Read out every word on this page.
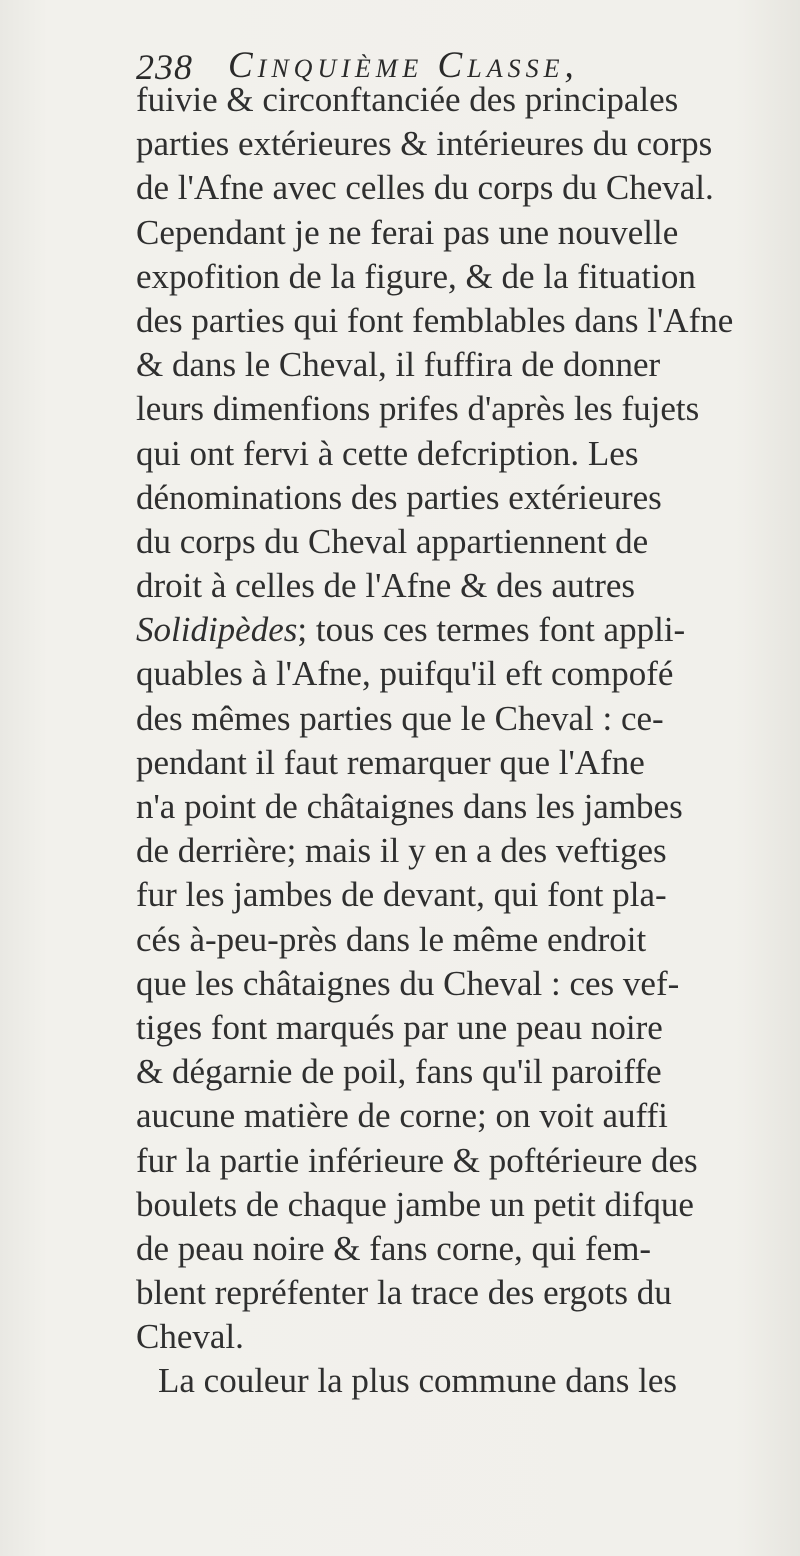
238 Cinquième Classe,
fuivie & circonftanciée des principales
parties extérieures & intérieures du corps
de l'Afne avec celles du corps du Cheval.
Cependant je ne ferai pas une nouvelle
expofition de la figure, & de la fituation
des parties qui font femblables dans l'Afne
& dans le Cheval, il fuffira de donner
leurs dimenfions prifes d'après les fujets
qui ont fervi à cette defcription. Les
dénominations des parties extérieures
du corps du Cheval appartiennent de
droit à celles de l'Afne & des autres
Solidipèdes; tous ces termes font appli-
quables à l'Afne, puifqu'il eft compofé
des mêmes parties que le Cheval : ce-
pendant il faut remarquer que l'Afne
n'a point de châtaignes dans les jambes
de derrière; mais il y en a des veftiges
fur les jambes de devant, qui font pla-
cés à-peu-près dans le même endroit
que les châtaignes du Cheval : ces vef-
tiges font marqués par une peau noire
& dégarnie de poil, fans qu'il paroiffe
aucune matière de corne; on voit auffi
fur la partie inférieure & poftérieure des
boulets de chaque jambe un petit difque
de peau noire & fans corne, qui fem-
blent repréfenter la trace des ergots du
Cheval.
La couleur la plus commune dans les
